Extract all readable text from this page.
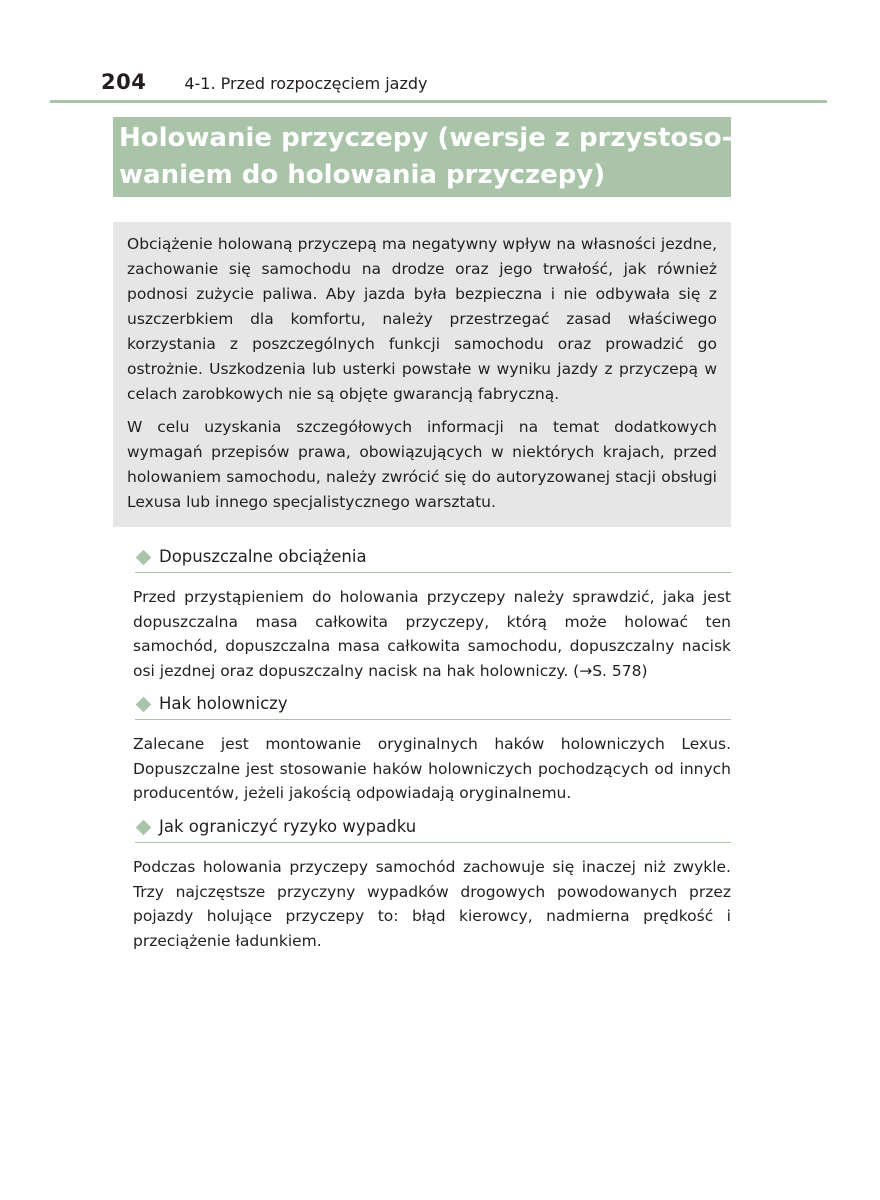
204 4-1. Przed rozpoczęciem jazdy
Holowanie przyczepy (wersje z przystoso-
waniem do holowania przyczepy)

Obciążenie holowaną przyczepą ma negatywny wpływ na własności jezdne, zachowanie się samochodu na drodze oraz jego trwałość, jak również podnosi zużycie paliwa. Aby jazda była bezpieczna i nie odbywała się z uszczerbkiem dla komfortu, należy przestrzegać zasad właściwego korzystania z poszczególnych funkcji samochodu oraz prowadzić go ostrożnie. Uszkodzenia lub usterki powstałe w wyniku jazdy z przyczepą w celach zarobkowych nie są objęte gwarancją fabryczną.

W celu uzyskania szczegółowych informacji na temat dodatkowych wymagań przepisów prawa, obowiązujących w niektórych krajach, przed holowaniem samochodu, należy zwrócić się do autoryzowanej stacji obsługi Lexusa lub innego specjalistycznego warsztatu.

Dopuszczalne obciążenia

Przed przystąpieniem do holowania przyczepy należy sprawdzić, jaka jest dopuszczalna masa całkowita przyczepy, którą może holować ten samochód, dopuszczalna masa całkowita samochodu, dopuszczalny nacisk osi jezdnej oraz dopuszczalny nacisk na hak holowniczy. (→S. 578)

Hak holowniczy

Zalecane jest montowanie oryginalnych haków holowniczych Lexus. Dopuszczalne jest stosowanie haków holowniczych pochodzących od innych producentów, jeżeli jakością odpowiadają oryginalnemu.

Jak ograniczyć ryzyko wypadku

Podczas holowania przyczepy samochód zachowuje się inaczej niż zwykle. Trzy najczęstsze przyczyny wypadków drogowych powodowanych przez pojazdy holujące przyczepy to: błąd kierowcy, nadmierna prędkość i przeciążenie ładunkiem.
